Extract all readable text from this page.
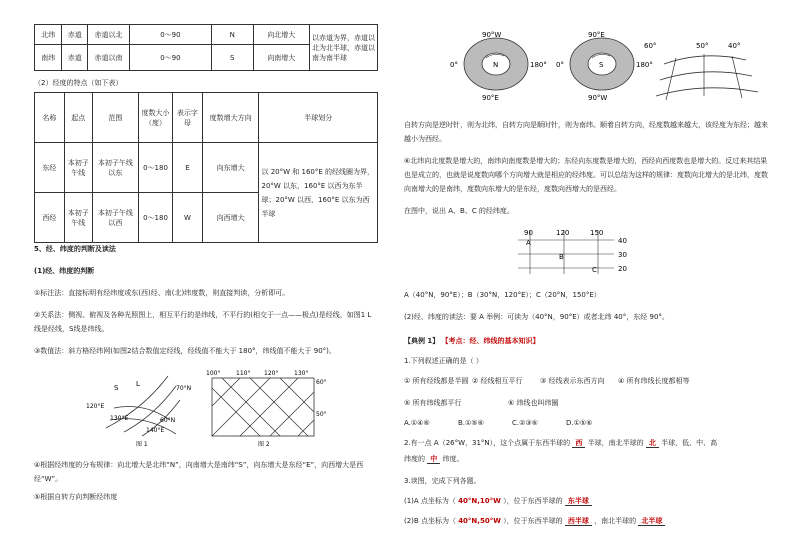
北纬	赤道	赤道以北	0～90	N	向北增大	以赤道为界，赤道以北为北半球，赤道以南为南半球
南纬	赤道	赤道以南	0～90	S	向南增大	
（2）经度的特点（如下表）
名称	起点	范围	度数大小（度）	表示字母	度数增大方向	半球划分
东经	本初子午线	本初子午线以东	0～180	E	向东增大	以 20°W 和 160°E 的经线圈为界，20°W 以东，160°E 以西为东半球；20°W 以西，160°E 以东为西半球
西经	本初子午线	本初子午线以西	0～180	W	向西增大	
5、经、纬度的判断及读法
(1)经、纬度的判断
①标注法：直接标明有经纬度或东(西)经、南(北)纬度数，则直接判读，分析即可。
②关系法：侧视、俯视及各种光照图上，相互平行的是纬线，不平行的(相交于一点——极点)是经线，如图1 L线是经线，S线是纬线。
③数值法：斜方格经纬网(如图2结合数值定经线，经线值不能大于 180°，纬线值不能大于 90°)。
S	L
70°N
120°E
130°E	60°N
140°E
图 1
100°	110° 120°	130°
60°
50°
图 2
④根据经纬度的分布规律：向北增大是北纬“N”，向南增大是南纬“S”，向东增大是东经“E”，向西增大是西经“W”。
⑤根据自转方向判断经纬度
90°W
0°	180°
N
90°E
90°E
0°	180°
S
90°W
60°	50°	40°
自转方向是逆时针，则为北纬，自转方向是顺时针，则为南纬。顺着自转方向，经度数越来越大，该经度为东经；越来越小为西经。
⑥北纬向北度数是增大的，南纬向南度数是增大的；东经向东度数是增大的，西经向西度数也是增大的。反过来其结果也是成立的，也就是说度数向哪个方向增大就是相应的经纬度。可以总结为这样的规律：度数向北增大的是北纬，度数向南增大的是南纬，度数向东增大的是东经，度数向西增大的是西经。
在图中，说出 A、B、C 的经纬度。
90	120	150
40
30
20
A
B
C
A（40°N，90°E）；B（30°N，120°E）；C（20°N，150°E）
(2)经、纬度的读法：要 A 举例：可读为（40°N，90°E）或者北纬 40°，东经 90°。
【典例 1】 【考点：经、纬线的基本知识】
1.下列叙述正确的是（ ）
① 所有经线都是半圆 ② 经线相互平行 ③ 经线表示东西方向 ④ 所有纬线长度都相等
⑤ 所有纬线都平行	⑥ 纬线也叫纬圈
A.①④⑥	B.①⑤⑥	C.②③⑥	D.①⑤⑥
2.有一点 A（26°W，31°N），这个点属于东西半球的 西 半球，南北半球的 北 半球，低、中、高
纬度的 中 纬度。
3.读图，完成下列各题。
(1)A 点坐标为（ 40°N,10°W ），位于东西半球的 东半球
(2)B 点坐标为（ 40°N,50°W ），位于东西半球的 西半球 ，南北半球的 北半球
